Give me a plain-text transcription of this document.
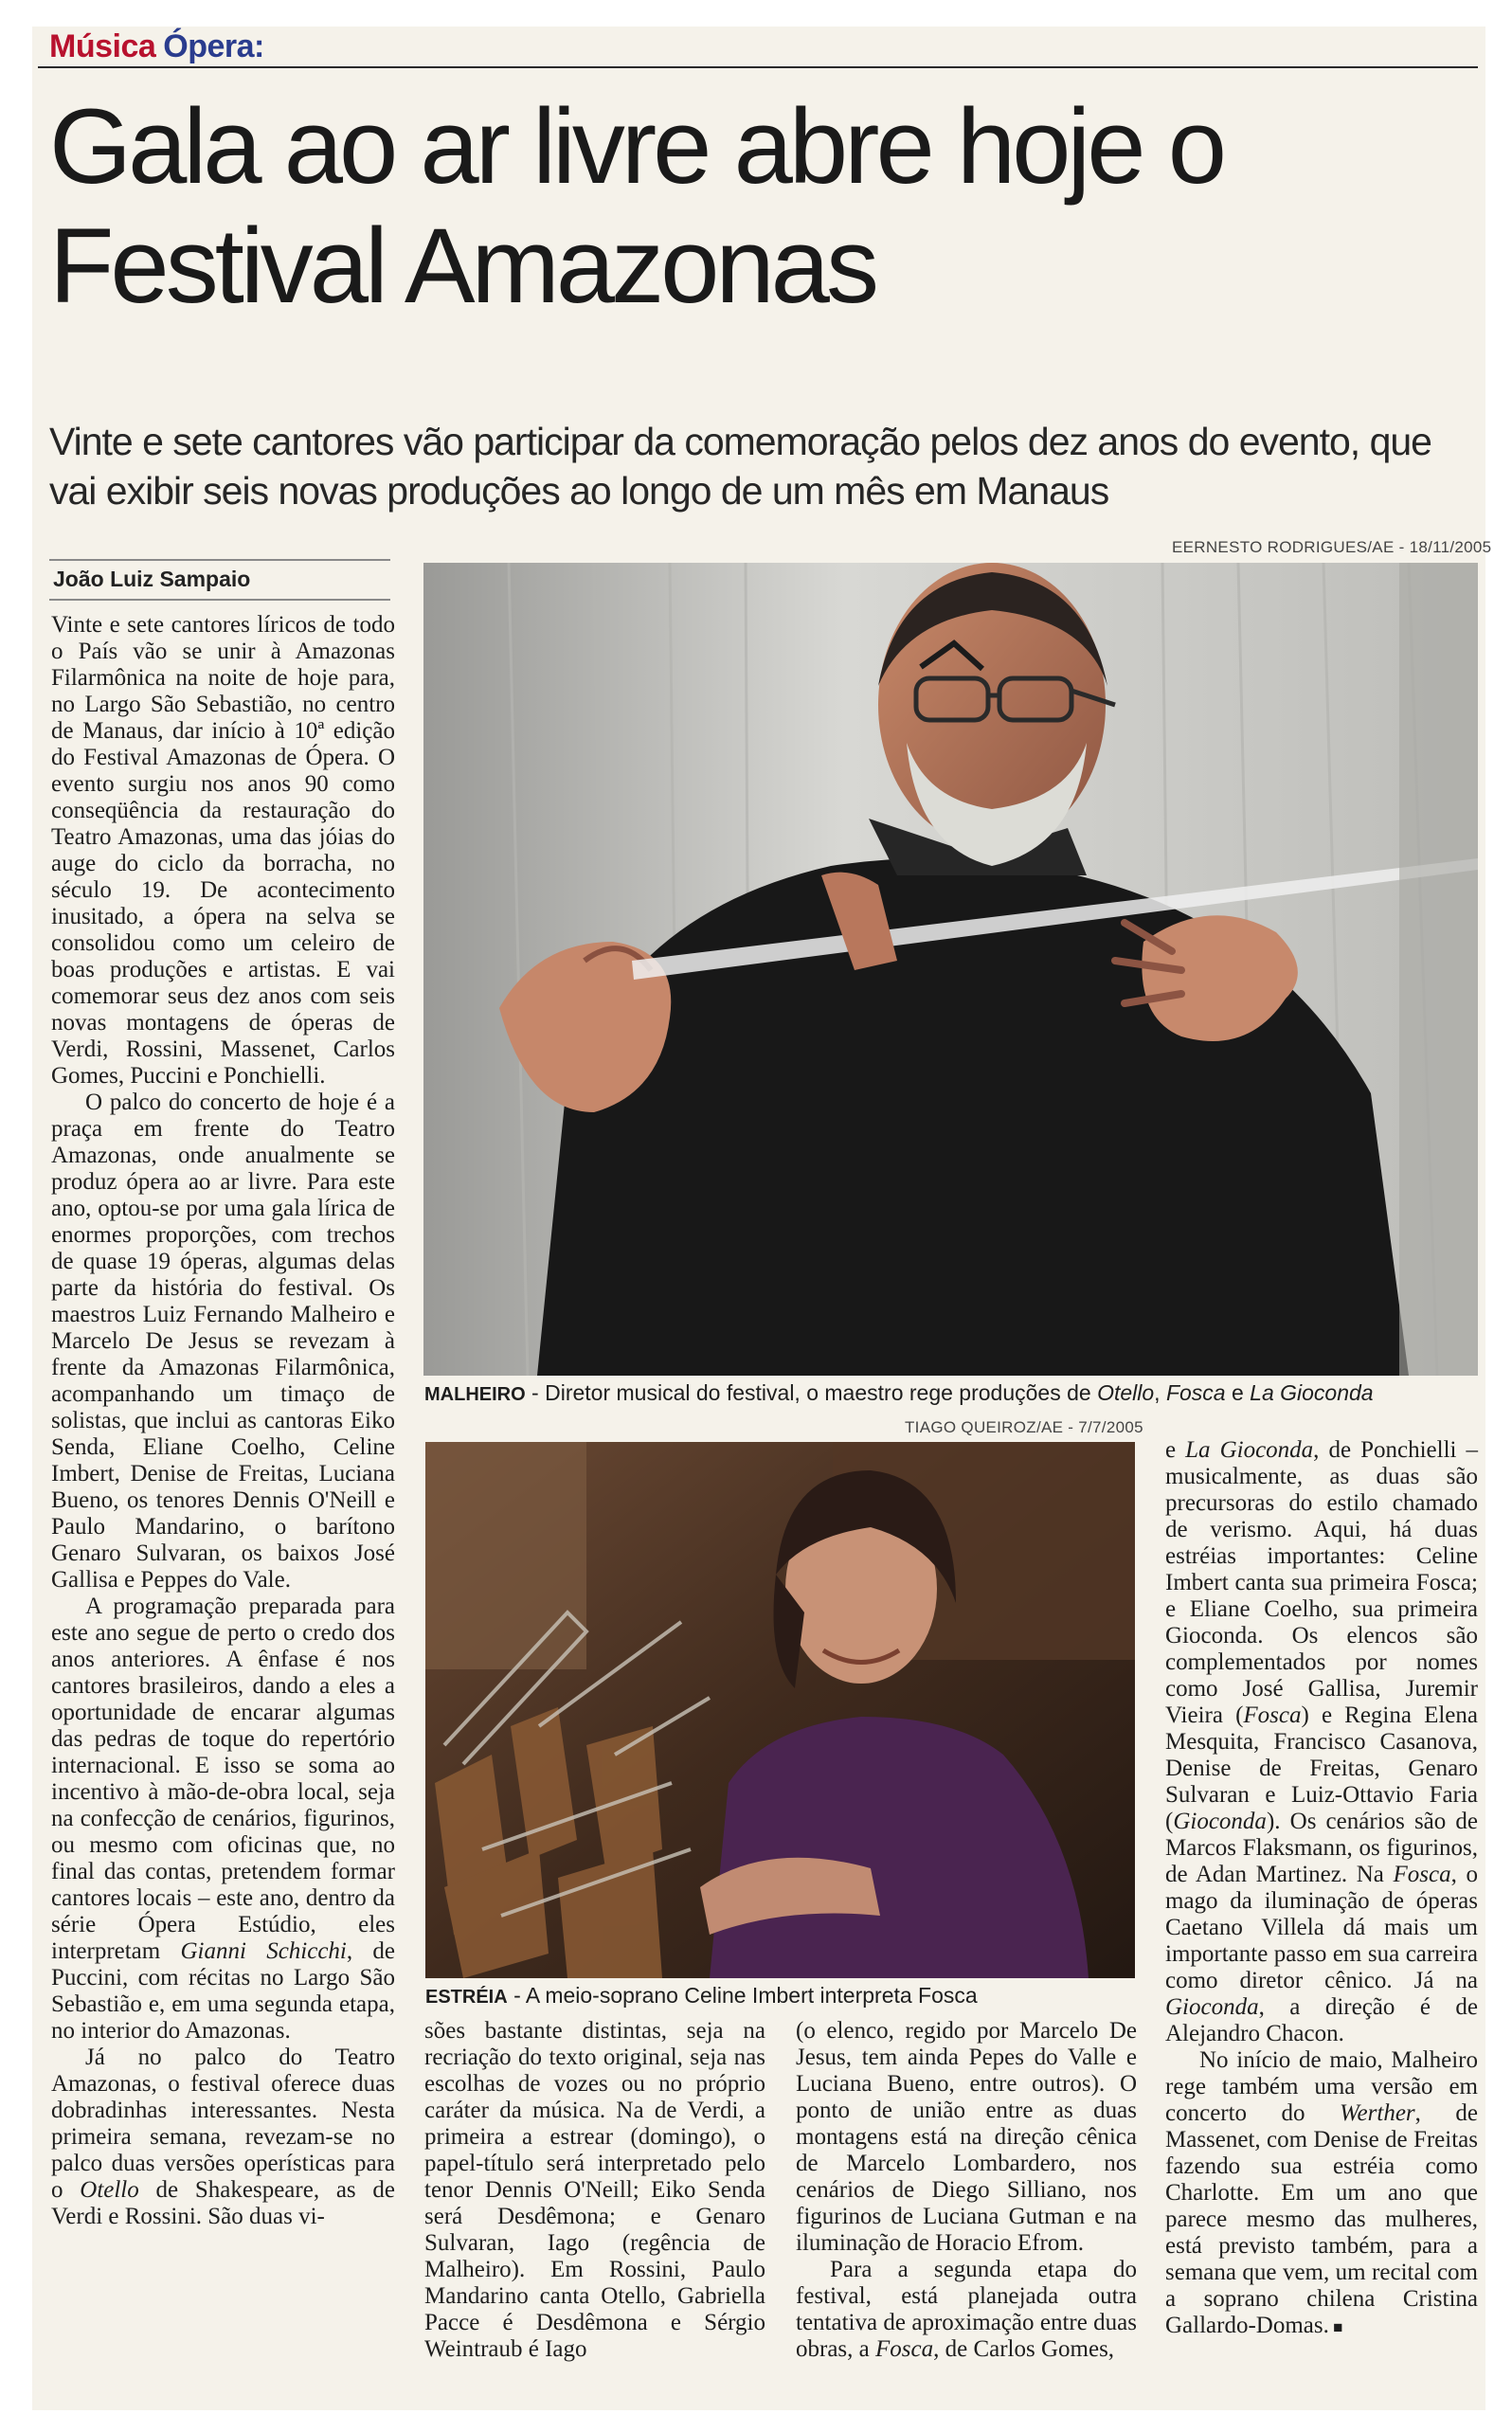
Música Ópera:
Gala ao ar livre abre hoje o Festival Amazonas
Vinte e sete cantores vão participar da comemoração pelos dez anos do evento, que vai exibir seis novas produções ao longo de um mês em Manaus
João Luiz Sampaio
EERNESTO RODRIGUES/AE - 18/11/2005
MALHEIRO - Diretor musical do festival, o maestro rege produções de Otello, Fosca e La Gioconda
TIAGO QUEIROZ/AE - 7/7/2005
ESTRÉIA - A meio-soprano Celine Imbert interpreta Fosca

Vinte e sete cantores líricos de todo o País vão se unir à Amazonas Filarmônica na noite de hoje para, no Largo São Sebastião, no centro de Manaus, dar início à 10ª edição do Festival Amazonas de Ópera. O evento surgiu nos anos 90 como conseqüência da restauração do Teatro Amazonas, uma das jóias do auge do ciclo da borracha, no século 19. De acontecimento inusitado, a ópera na selva se consolidou como um celeiro de boas produções e artistas. E vai comemorar seus dez anos com seis novas montagens de óperas de Verdi, Rossini, Massenet, Carlos Gomes, Puccini e Ponchielli.

O palco do concerto de hoje é a praça em frente do Teatro Amazonas, onde anualmente se produz ópera ao ar livre. Para este ano, optou-se por uma gala lírica de enormes proporções, com trechos de quase 19 óperas, algumas delas parte da história do festival. Os maestros Luiz Fernando Malheiro e Marcelo De Jesus se revezam à frente da Amazonas Filarmônica, acompanhando um timaço de solistas, que inclui as cantoras Eiko Senda, Eliane Coelho, Celine Imbert, Denise de Freitas, Luciana Bueno, os tenores Dennis O'Neill e Paulo Mandarino, o barítono Genaro Sulvaran, os baixos José Gallisa e Peppes do Vale.

A programação preparada para este ano segue de perto o credo dos anos anteriores. A ênfase é nos cantores brasileiros, dando a eles a oportunidade de encarar algumas das pedras de toque do repertório internacional. E isso se soma ao incentivo à mão-de-obra local, seja na confecção de cenários, figurinos, ou mesmo com oficinas que, no final das contas, pretendem formar cantores locais – este ano, dentro da série Ópera Estúdio, eles interpretam Gianni Schicchi, de Puccini, com récitas no Largo São Sebastião e, em uma segunda etapa, no interior do Amazonas.

Já no palco do Teatro Amazonas, o festival oferece duas dobradinhas interessantes. Nesta primeira semana, revezam-se no palco duas versões operísticas para o Otello de Shakespeare, as de Verdi e Rossini. São duas vi-

sões bastante distintas, seja na recriação do texto original, seja nas escolhas de vozes ou no próprio caráter da música. Na de Verdi, a primeira a estrear (domingo), o papel-título será interpretado pelo tenor Dennis O'Neill; Eiko Senda será Desdêmona; e Genaro Sulvaran, Iago (regência de Malheiro). Em Rossini, Paulo Mandarino canta Otello, Gabriella Pacce é Desdêmona e Sérgio Weintraub é Iago

(o elenco, regido por Marcelo De Jesus, tem ainda Pepes do Valle e Luciana Bueno, entre outros). O ponto de união entre as duas montagens está na direção cênica de Marcelo Lombardero, nos cenários de Diego Silliano, nos figurinos de Luciana Gutman e na iluminação de Horacio Efrom.

Para a segunda etapa do festival, está planejada outra tentativa de aproximação entre duas obras, a Fosca, de Carlos Gomes,

e La Gioconda, de Ponchielli – musicalmente, as duas são precursoras do estilo chamado de verismo. Aqui, há duas estréias importantes: Celine Imbert canta sua primeira Fosca; e Eliane Coelho, sua primeira Gioconda. Os elencos são complementados por nomes como José Gallisa, Juremir Vieira (Fosca) e Regina Elena Mesquita, Francisco Casanova, Denise de Freitas, Genaro Sulvaran e Luiz-Ottavio Faria (Gioconda). Os cenários são de Marcos Flaksmann, os figurinos, de Adan Martinez. Na Fosca, o mago da iluminação de óperas Caetano Villela dá mais um importante passo em sua carreira como diretor cênico. Já na Gioconda, a direção é de Alejandro Chacon.

No início de maio, Malheiro rege também uma versão em concerto do Werther, de Massenet, com Denise de Freitas fazendo sua estréia como Charlotte. Em um ano que parece mesmo das mulheres, está previsto também, para a semana que vem, um recital com a soprano chilena Cristina Gallardo-Domas. ■
